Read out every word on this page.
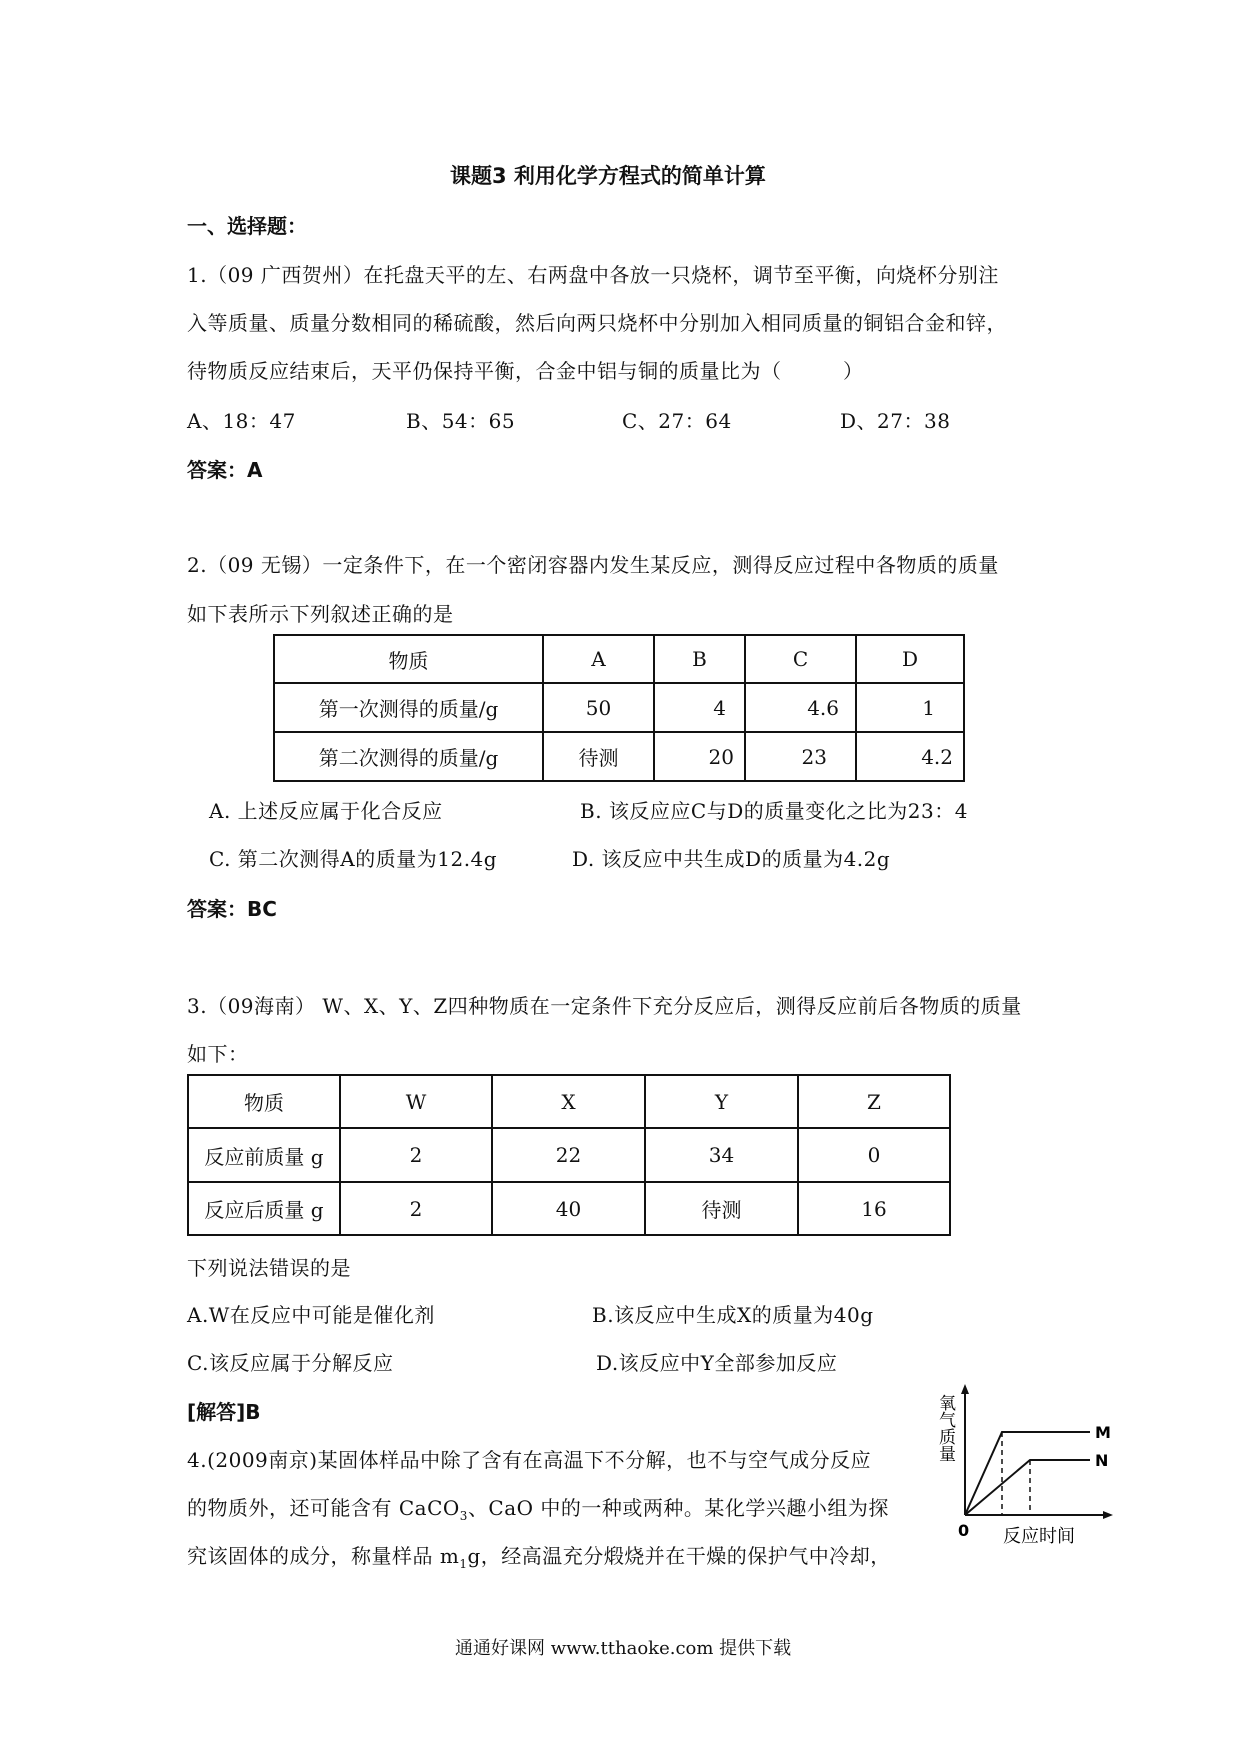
课题3 利用化学方程式的简单计算
一、选择题：
1.（09 广西贺州）在托盘天平的左、右两盘中各放一只烧杯，调节至平衡，向烧杯分别注
入等质量、质量分数相同的稀硫酸，然后向两只烧杯中分别加入相同质量的铜铝合金和锌，
待物质反应结束后，天平仍保持平衡，合金中铝与铜的质量比为（　　　）
A、18：47	B、54：65	C、27：64	D、27：38
答案：A
2.（09 无锡）一定条件下，在一个密闭容器内发生某反应，测得反应过程中各物质的质量
如下表所示下列叙述正确的是
物质	A	B	C	D
第一次测得的质量/g	50	4	4.6	1
第二次测得的质量/g	待测	20	23	4.2
A. 上述反应属于化合反应	B. 该反应应C与D的质量变化之比为23：4
C. 第二次测得A的质量为12.4g	D. 该反应中共生成D的质量为4.2g
答案：BC
3.（09海南） W、X、Y、Z四种物质在一定条件下充分反应后，测得反应前后各物质的质量
如下：
物质	W	X	Y	Z
反应前质量 g	2	22	34	0
反应后质量 g	2	40	待测	16
下列说法错误的是
A.W在反应中可能是催化剂	B.该反应中生成X的质量为40g
C.该反应属于分解反应	D.该反应中Y全部参加反应
[解答]B
4.(2009南京)某固体样品中除了含有在高温下不分解，也不与空气成分反应
的物质外，还可能含有 CaCO$_3$、CaO 中的一种或两种。某化学兴趣小组为探
究该固体的成分，称量样品 $m_1g$，经高温充分煅烧并在干燥的保护气中冷却，
M
N
0 反应时间
氧气质量
通通好课网 www.tthaoke.com 提供下载
